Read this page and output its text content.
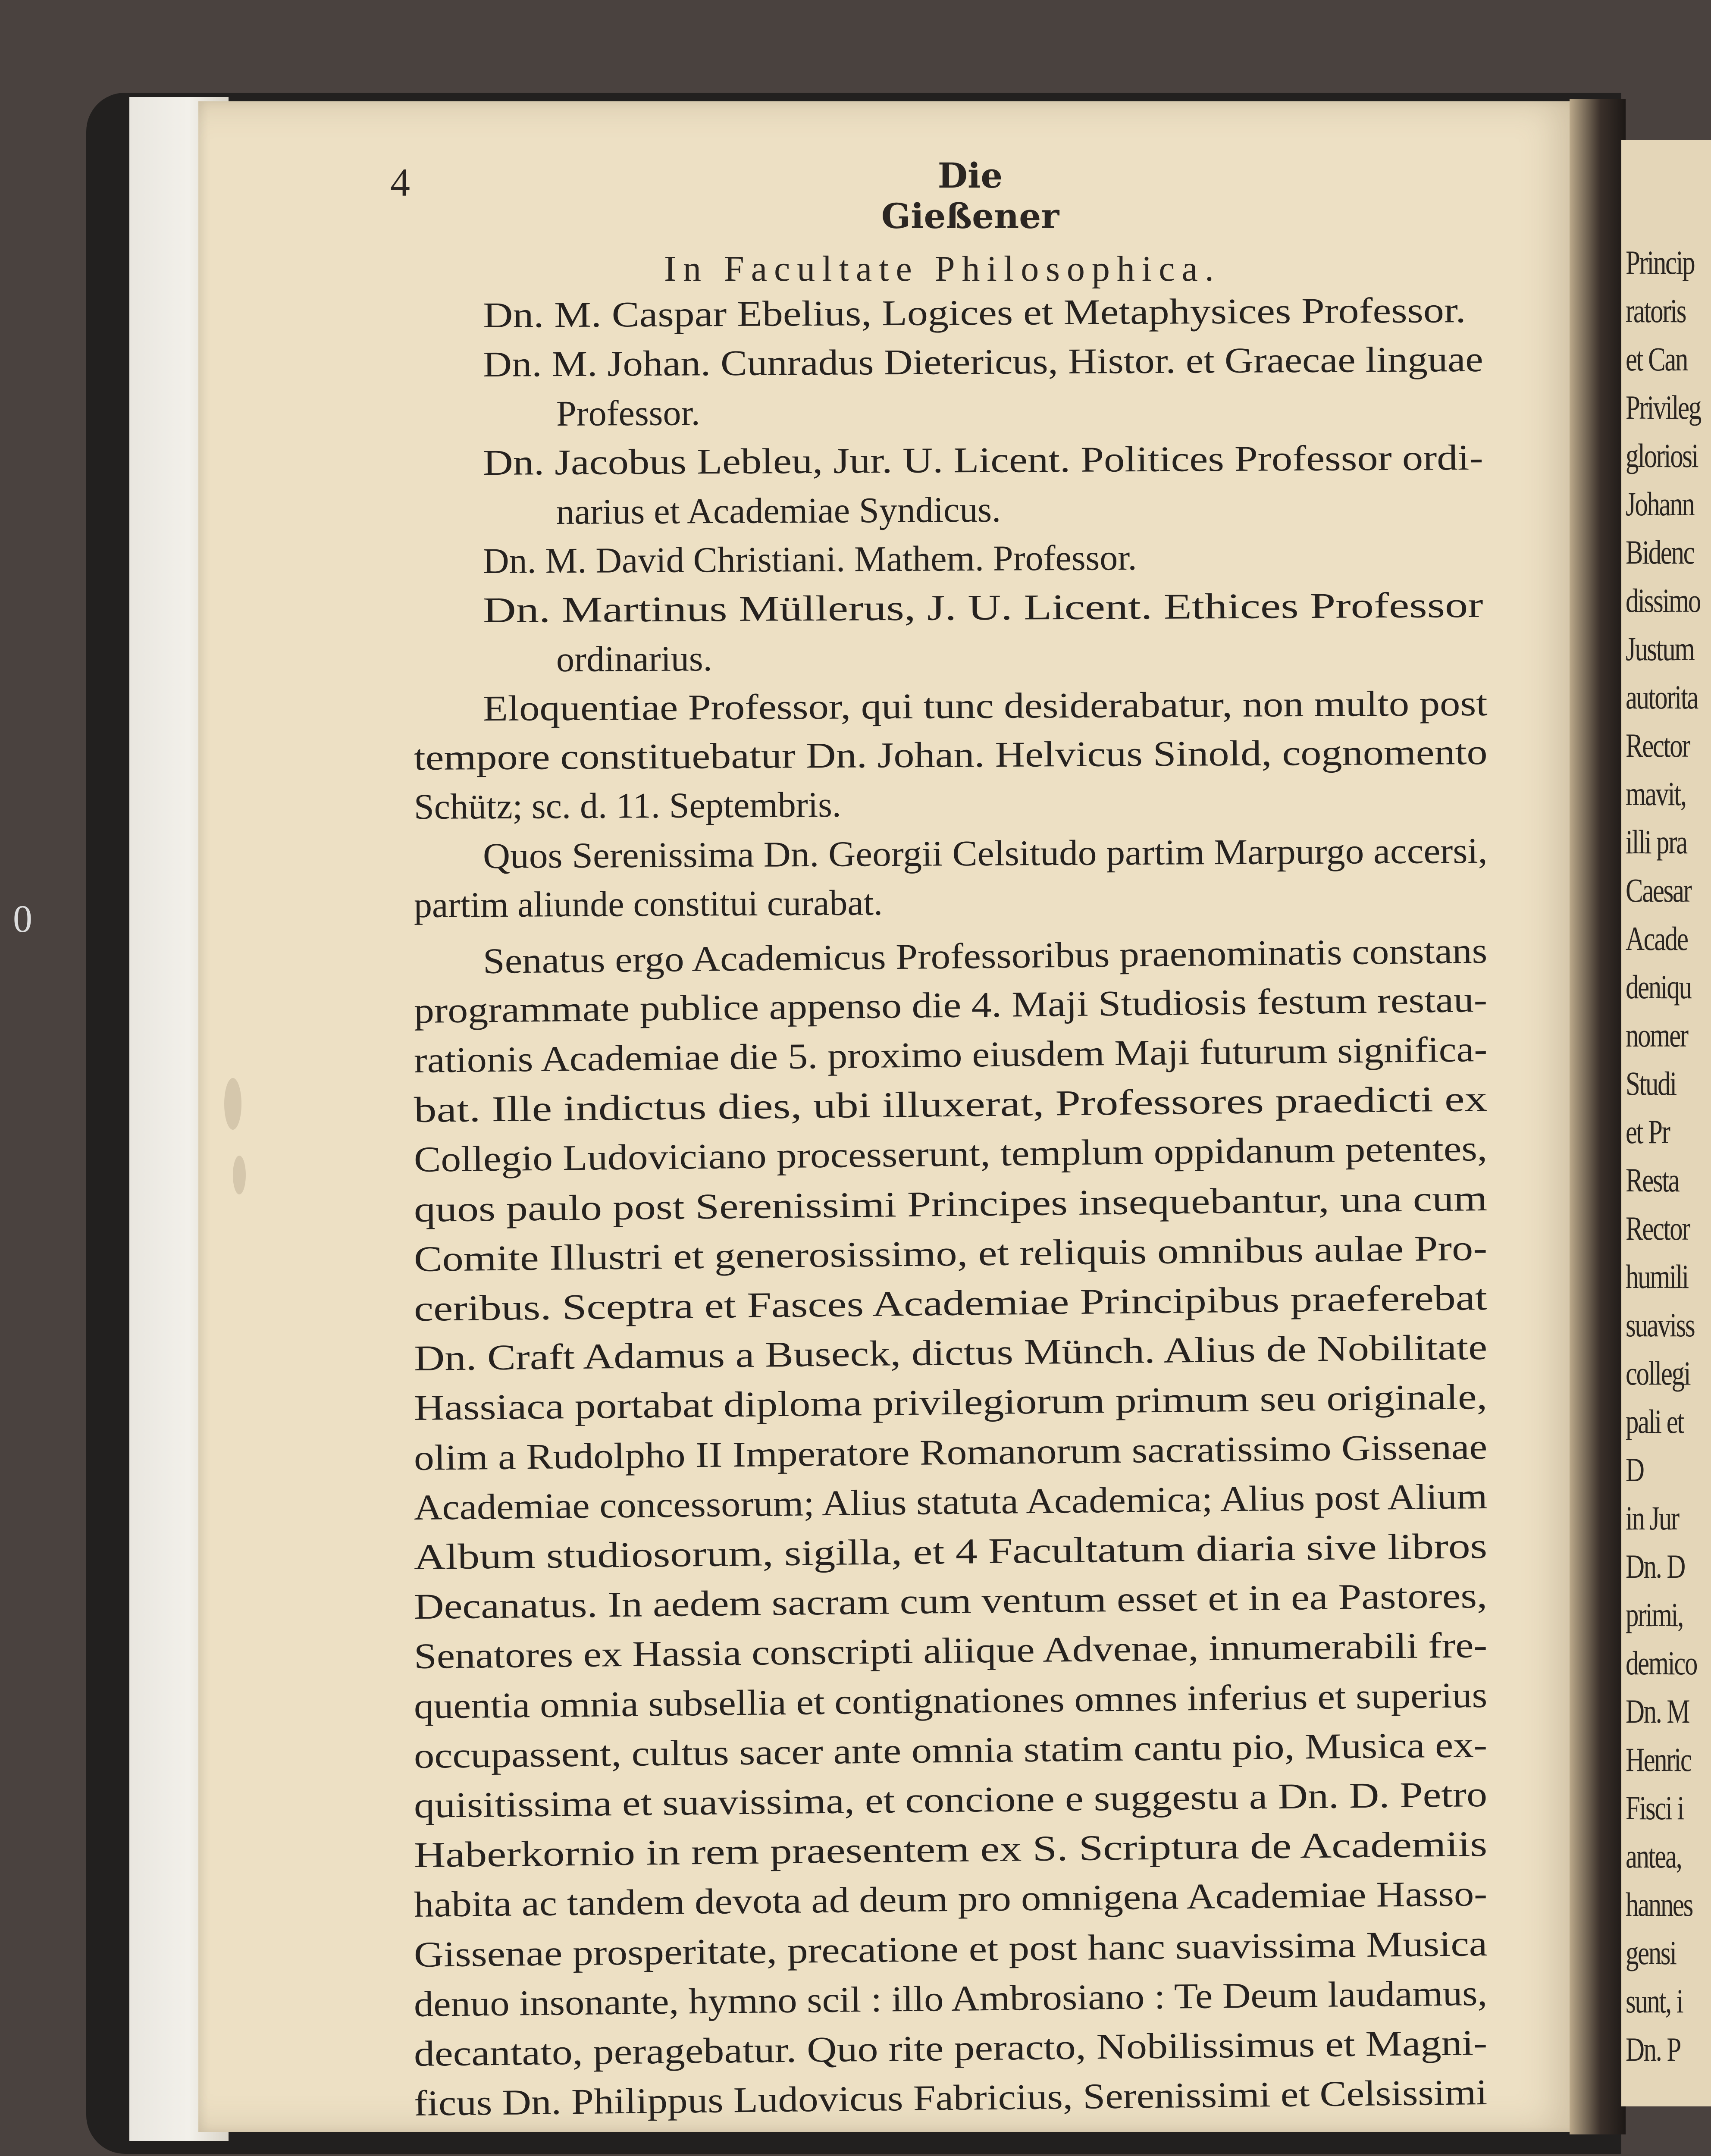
Princip
ratoris
et Can
Privileg
gloriosi
Johann
Bidenc
dissimo
Justum
autorita
Rector
mavit,
illi pra
Caesar
Acade
deniqu
nomer
Studi
et Pr
Resta
Rector
humili
suaviss
collegi
pali et
D
in Jur
Dn. D
primi,
demico
Dn. M
Henric
Fisci i
antea,
hannes
gensi
sunt, i
Dn. P
0
4	Die Gießener
In Facultate Philosophica.
Dn. M. Caspar Ebelius, Logices et Metaphysices Professor.
Dn. M. Johan. Cunradus Dietericus, Histor. et Graecae linguae
Professor.
Dn. Jacobus Lebleu, Jur. U. Licent. Politices Professor ordi-
narius et Academiae Syndicus.
Dn. M. David Christiani. Mathem. Professor.
Dn. Martinus Müllerus, J. U. Licent. Ethices Professor
ordinarius.
Eloquentiae Professor, qui tunc desiderabatur, non multo post
tempore constituebatur Dn. Johan. Helvicus Sinold, cognomento
Schütz; sc. d. 11. Septembris.
Quos Serenissima Dn. Georgii Celsitudo partim Marpurgo accersi,
partim aliunde constitui curabat.
Senatus ergo Academicus Professoribus praenominatis constans
programmate publice appenso die 4. Maji Studiosis festum restau-
rationis Academiae die 5. proximo eiusdem Maji futurum significa-
bat. Ille indictus dies, ubi illuxerat, Professores praedicti ex
Collegio Ludoviciano processerunt, templum oppidanum petentes,
quos paulo post Serenissimi Principes insequebantur, una cum
Comite Illustri et generosissimo, et reliquis omnibus aulae Pro-
ceribus. Sceptra et Fasces Academiae Principibus praeferebat
Dn. Craft Adamus a Buseck, dictus Münch. Alius de Nobilitate
Hassiaca portabat diploma privilegiorum primum seu originale,
olim a Rudolpho II Imperatore Romanorum sacratissimo Gissenae
Academiae concessorum; Alius statuta Academica; Alius post Alium
Album studiosorum, sigilla, et 4 Facultatum diaria sive libros
Decanatus. In aedem sacram cum ventum esset et in ea Pastores,
Senatores ex Hassia conscripti aliique Advenae, innumerabili fre-
quentia omnia subsellia et contignationes omnes inferius et superius
occupassent, cultus sacer ante omnia statim cantu pio, Musica ex-
quisitissima et suavissima, et concione e suggestu a Dn. D. Petro
Haberkornio in rem praesentem ex S. Scriptura de Academiis
habita ac tandem devota ad deum pro omnigena Academiae Hasso-
Gissenae prosperitate, precatione et post hanc suavissima Musica
denuo insonante, hymno scil : illo Ambrosiano : Te Deum laudamus,
decantato, peragebatur. Quo rite peracto, Nobilissimus et Magni-
ficus Dn. Philippus Ludovicus Fabricius, Serenissimi et Celsissimi
